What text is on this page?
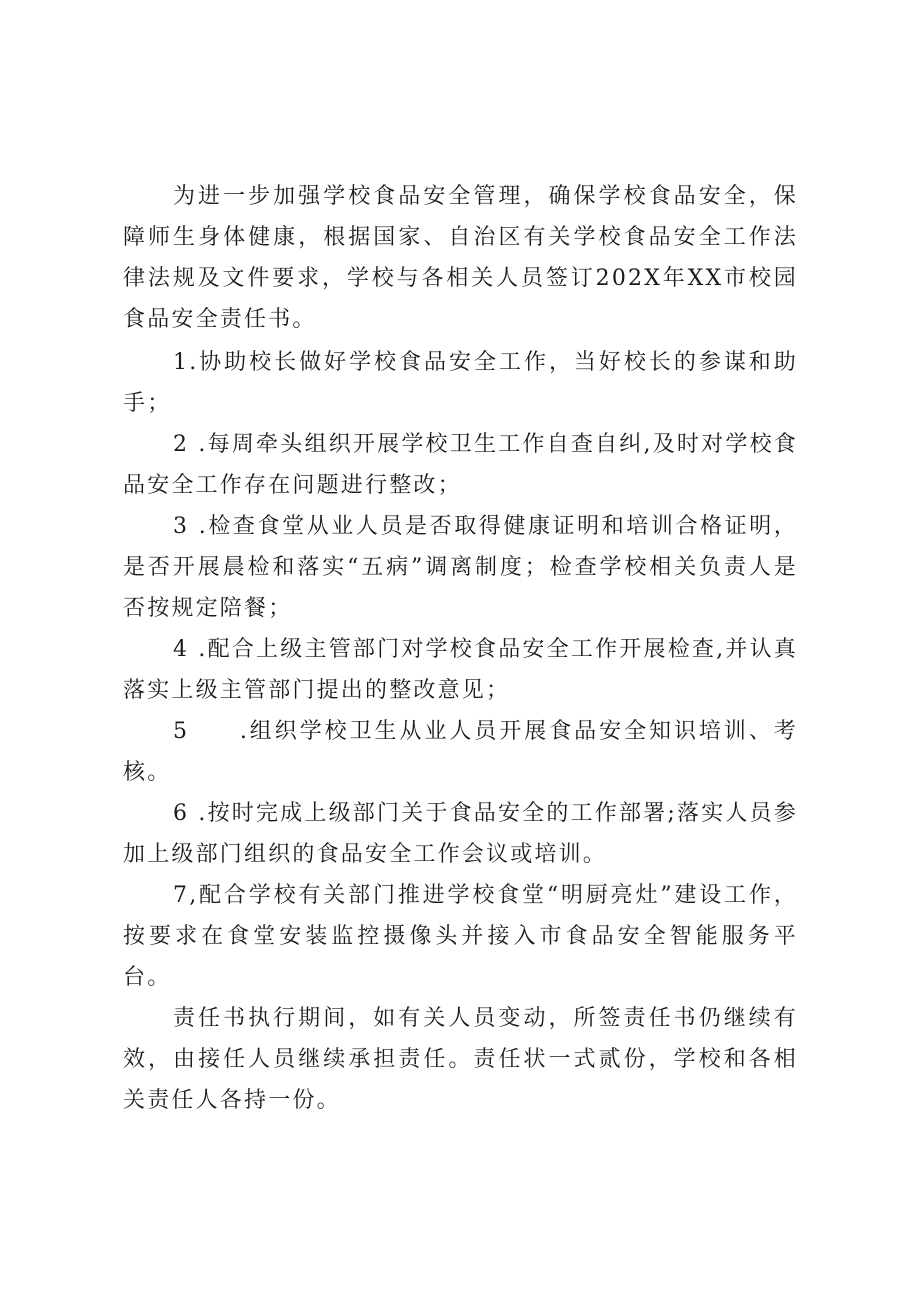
为进一步加强学校食品安全管理，确保学校食品安全，保障师生身体健康，根据国家、自治区有关学校食品安全工作法律法规及文件要求，学校与各相关人员签订202X年XX市校园食品安全责任书。

1.协助校长做好学校食品安全工作，当好校长的参谋和助手；

2 .每周牵头组织开展学校卫生工作自查自纠,及时对学校食品安全工作存在问题进行整改；

3 .检查食堂从业人员是否取得健康证明和培训合格证明，是否开展晨检和落实“五病”调离制度；检查学校相关负责人是否按规定陪餐；

4 .配合上级主管部门对学校食品安全工作开展检查,并认真落实上级主管部门提出的整改意见；

5　　.组织学校卫生从业人员开展食品安全知识培训、考核。

6 .按时完成上级部门关于食品安全的工作部署;落实人员参加上级部门组织的食品安全工作会议或培训。

7,配合学校有关部门推进学校食堂“明厨亮灶”建设工作，按要求在食堂安装监控摄像头并接入市食品安全智能服务平台。

责任书执行期间，如有关人员变动，所签责任书仍继续有效，由接任人员继续承担责任。责任状一式贰份，学校和各相关责任人各持一份。
